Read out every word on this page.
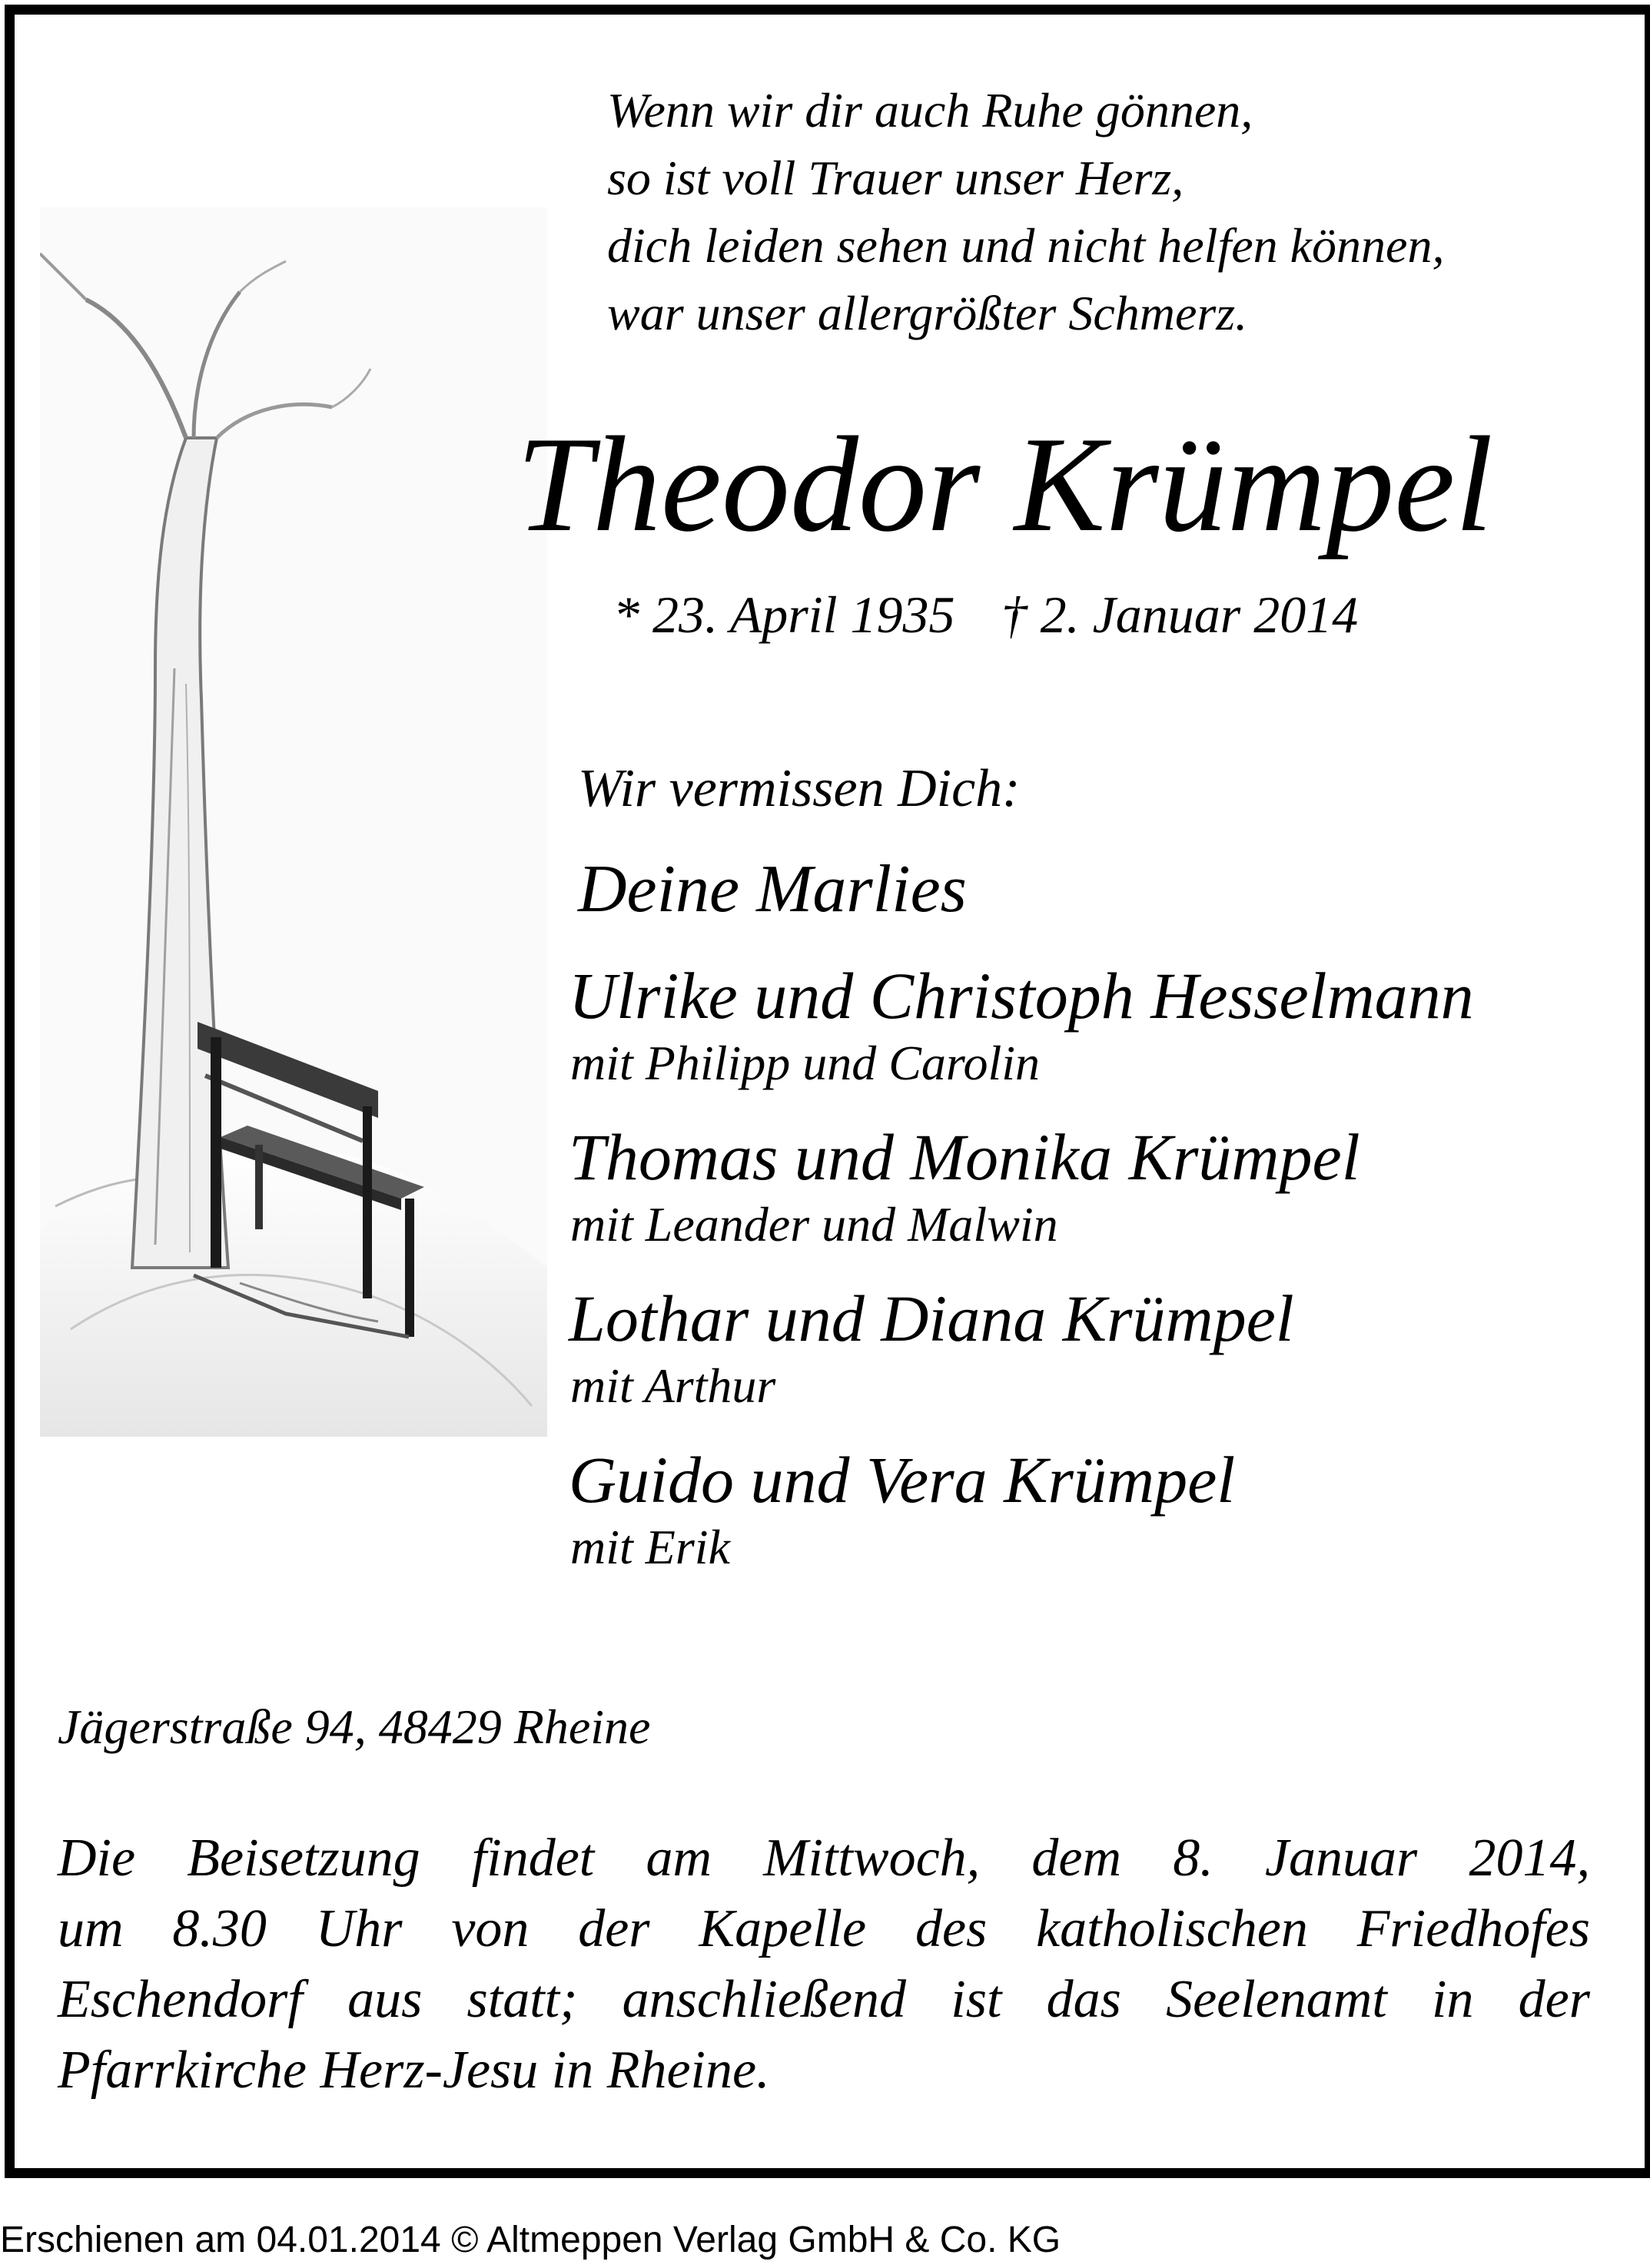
Wenn wir dir auch Ruhe gönnen,
so ist voll Trauer unser Herz,
dich leiden sehen und nicht helfen können,
war unser allergrößter Schmerz.
Theodor Krümpel
* 23. April 1935 † 2. Januar 2014
Wir vermissen Dich:
Deine Marlies
Ulrike und Christoph Hesselmann
mit Philipp und Carolin
Thomas und Monika Krümpel
mit Leander und Malwin
Lothar und Diana Krümpel
mit Arthur
Guido und Vera Krümpel
mit Erik
Jägerstraße 94, 48429 Rheine
Die Beisetzung findet am Mittwoch, dem 8. Januar 2014,
um 8.30 Uhr von der Kapelle des katholischen Friedhofes
Eschendorf aus statt; anschließend ist das Seelenamt in der
Pfarrkirche Herz-Jesu in Rheine.
Erschienen am 04.01.2014 © Altmeppen Verlag GmbH & Co. KG
